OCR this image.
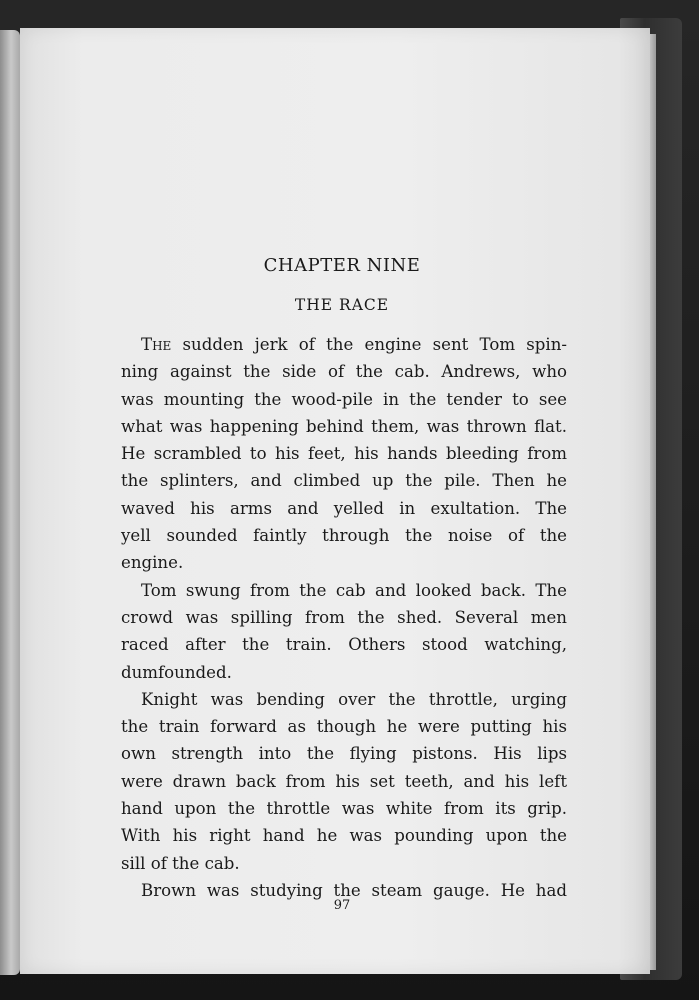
CHAPTER NINE
THE RACE
The sudden jerk of the engine sent Tom spin-
ning against the side of the cab. Andrews, who
was mounting the wood-pile in the tender to see
what was happening behind them, was thrown flat.
He scrambled to his feet, his hands bleeding from
the splinters, and climbed up the pile. Then he
waved his arms and yelled in exultation. The
yell sounded faintly through the noise of the
engine.
Tom swung from the cab and looked back. The
crowd was spilling from the shed. Several men
raced after the train. Others stood watching,
dumfounded.
Knight was bending over the throttle, urging
the train forward as though he were putting his
own strength into the flying pistons. His lips
were drawn back from his set teeth, and his left
hand upon the throttle was white from its grip.
With his right hand he was pounding upon the
sill of the cab.
Brown was studying the steam gauge. He had
97
